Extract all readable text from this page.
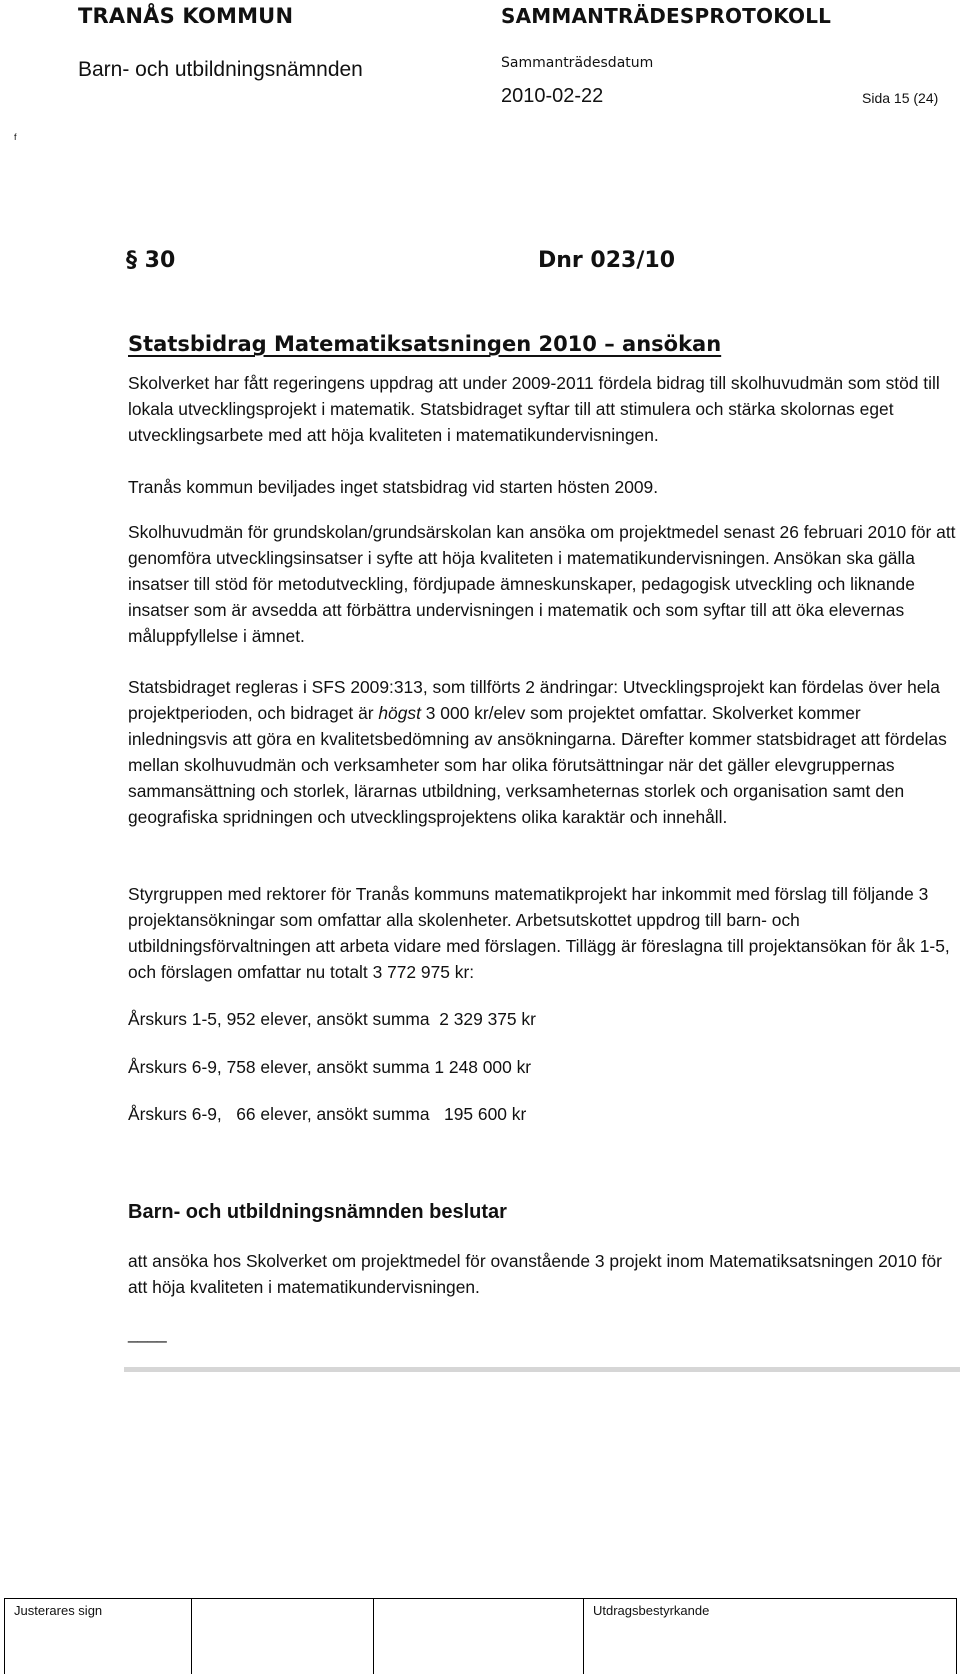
TRANÅS KOMMUN
Barn- och utbildningsnämnden
SAMMANTRÄDESPROTOKOLL
Sammanträdesdatum
2010-02-22	Sida 15 (24)
f
§ 30	Dnr 023/10
Statsbidrag Matematiksatsningen 2010 – ansökan
Skolverket har fått regeringens uppdrag att under 2009-2011 fördela bidrag till skolhuvudmän som stöd till lokala utvecklingsprojekt i matematik. Statsbidraget syftar till att stimulera och stärka skolornas eget utvecklingsarbete med att höja kvaliteten i matematikundervisningen.
Tranås kommun beviljades inget statsbidrag vid starten hösten 2009.
Skolhuvudmän för grundskolan/grundsärskolan kan ansöka om projektmedel senast 26 februari 2010 för att genomföra utvecklingsinsatser i syfte att höja kvaliteten i matematikundervisningen. Ansökan ska gälla insatser till stöd för metodutveckling, fördjupade ämneskunskaper, pedagogisk utveckling och liknande insatser som är avsedda att förbättra undervisningen i matematik och som syftar till att öka elevernas måluppfyllelse i ämnet.
Statsbidraget regleras i SFS 2009:313, som tillförts 2 ändringar: Utvecklingsprojekt kan fördelas över hela projektperioden, och bidraget är högst 3 000 kr/elev som projektet omfattar. Skolverket kommer inledningsvis att göra en kvalitetsbedömning av ansökningarna. Därefter kommer statsbidraget att fördelas mellan skolhuvudmän och verksamheter som har olika förutsättningar när det gäller elevgruppernas sammansättning och storlek, lärarnas utbildning, verksamheternas storlek och organisation samt den geografiska spridningen och utvecklingsprojektens olika karaktär och innehåll.
Styrgruppen med rektorer för Tranås kommuns matematikprojekt har inkommit med förslag till följande 3 projektansökningar som omfattar alla skolenheter. Arbetsutskottet uppdrog till barn- och utbildningsförvaltningen att arbeta vidare med förslagen. Tillägg är föreslagna till projektansökan för åk 1-5, och förslagen omfattar nu totalt 3 772 975 kr:
Årskurs 1-5, 952 elever, ansökt summa  2 329 375 kr
Årskurs 6-9, 758 elever, ansökt summa 1 248 000 kr
Årskurs 6-9,   66 elever, ansökt summa   195 600 kr
Barn- och utbildningsnämnden beslutar
att ansöka hos Skolverket om projektmedel för ovanstående 3 projekt inom Matematiksatsningen 2010 för att höja kvaliteten i matematikundervisningen.
____
Justerares sign	Utdragsbestyrkande
